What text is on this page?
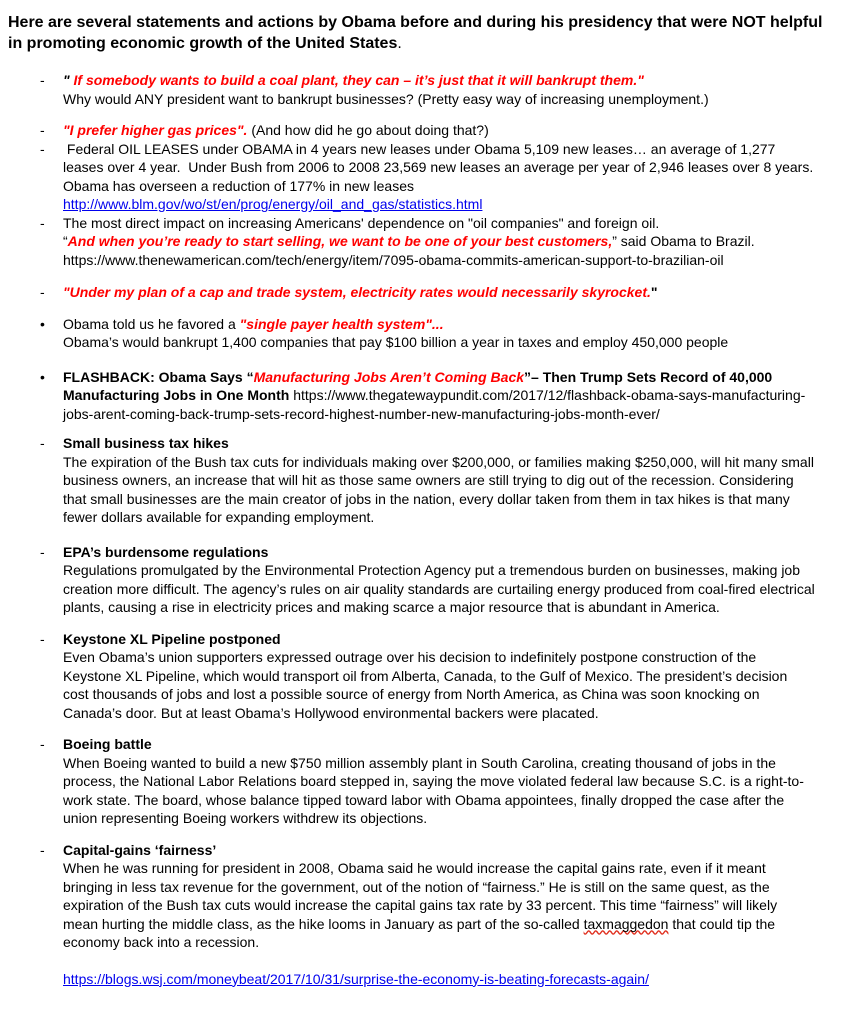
Here are several statements and actions by Obama before and during his presidency that were NOT helpful in promoting economic growth of the United States.
-	" If somebody wants to build a coal plant, they can – it’s just that it will bankrupt them."
Why would ANY president want to bankrupt businesses? (Pretty easy way of increasing unemployment.)
-	"I prefer higher gas prices". (And how did he go about doing that?)
-	Federal OIL LEASES under OBAMA in 4 years new leases under Obama 5,109 new leases… an average of 1,277 leases over 4 year.  Under Bush from 2006 to 2008 23,569 new leases an average per year of 2,946 leases over 8 years.  Obama has overseen a reduction of 177% in new leases
http://www.blm.gov/wo/st/en/prog/energy/oil_and_gas/statistics.html
-	The most direct impact on increasing Americans' dependence on "oil companies" and foreign oil.
“And when you’re ready to start selling, we want to be one of your best customers,” said Obama to Brazil.
https://www.thenewamerican.com/tech/energy/item/7095-obama-commits-american-support-to-brazilian-oil
-	"Under my plan of a cap and trade system, electricity rates would necessarily skyrocket."
•	Obama told us he favored a "single payer health system"...
Obama’s would bankrupt 1,400 companies that pay $100 billion a year in taxes and employ 450,000 people
•	FLASHBACK: Obama Says “Manufacturing Jobs Aren’t Coming Back”– Then Trump Sets Record of 40,000 Manufacturing Jobs in One Month https://www.thegatewaypundit.com/2017/12/flashback-obama-says-manufacturing-jobs-arent-coming-back-trump-sets-record-highest-number-new-manufacturing-jobs-month-ever/
-	Small business tax hikes
The expiration of the Bush tax cuts for individuals making over $200,000, or families making $250,000, will hit many small business owners, an increase that will hit as those same owners are still trying to dig out of the recession. Considering that small businesses are the main creator of jobs in the nation, every dollar taken from them in tax hikes is that many fewer dollars available for expanding employment.
-	EPA’s burdensome regulations
Regulations promulgated by the Environmental Protection Agency put a tremendous burden on businesses, making job creation more difficult. The agency’s rules on air quality standards are curtailing energy produced from coal-fired electrical plants, causing a rise in electricity prices and making scarce a major resource that is abundant in America.
-	Keystone XL Pipeline postponed
Even Obama’s union supporters expressed outrage over his decision to indefinitely postpone construction of the Keystone XL Pipeline, which would transport oil from Alberta, Canada, to the Gulf of Mexico. The president’s decision cost thousands of jobs and lost a possible source of energy from North America, as China was soon knocking on Canada’s door. But at least Obama’s Hollywood environmental backers were placated.
-	Boeing battle
When Boeing wanted to build a new $750 million assembly plant in South Carolina, creating thousand of jobs in the process, the National Labor Relations board stepped in, saying the move violated federal law because S.C. is a right-to-work state. The board, whose balance tipped toward labor with Obama appointees, finally dropped the case after the union representing Boeing workers withdrew its objections.
-	Capital-gains ‘fairness’
When he was running for president in 2008, Obama said he would increase the capital gains rate, even if it meant bringing in less tax revenue for the government, out of the notion of “fairness.” He is still on the same quest, as the expiration of the Bush tax cuts would increase the capital gains tax rate by 33 percent. This time “fairness” will likely mean hurting the middle class, as the hike looms in January as part of the so-called taxmaggedon that could tip the economy back into a recession.
https://blogs.wsj.com/moneybeat/2017/10/31/surprise-the-economy-is-beating-forecasts-again/
